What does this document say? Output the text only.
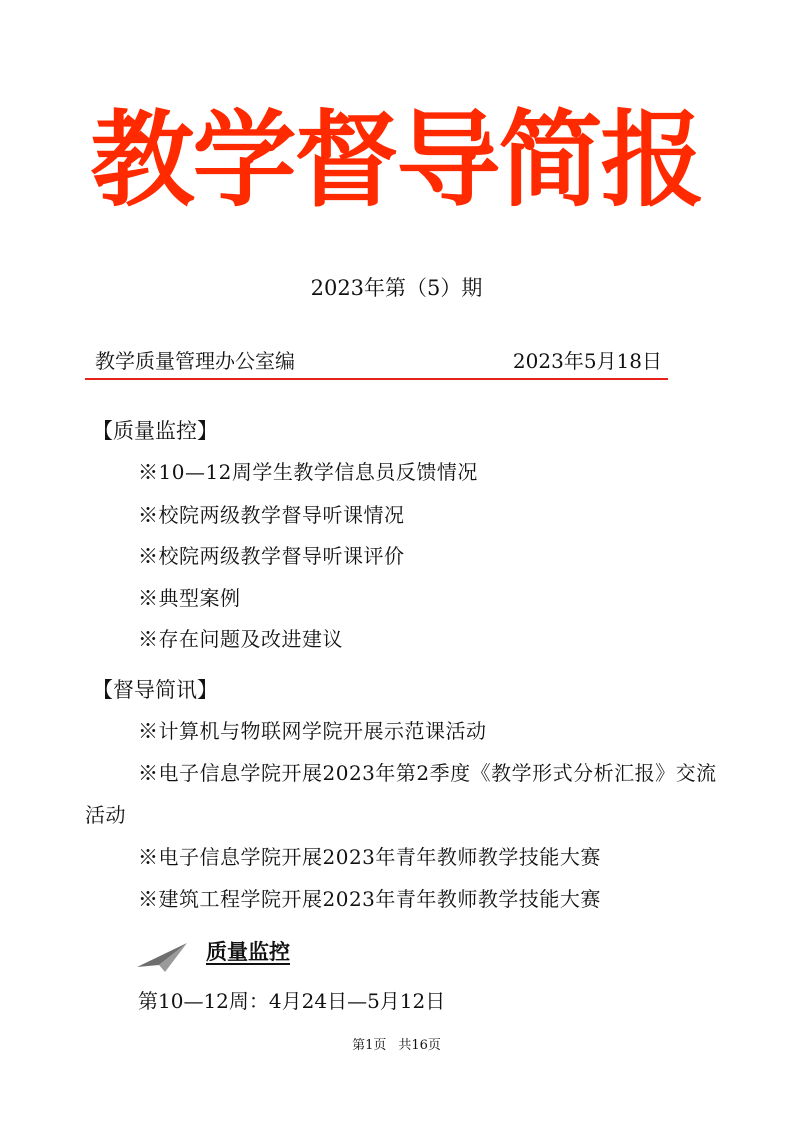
教学督导简报
2023年第（5）期
教学质量管理办公室编	2023年5月18日
【质量监控】
※10—12周学生教学信息员反馈情况
※校院两级教学督导听课情况
※校院两级教学督导听课评价
※典型案例
※存在问题及改进建议
【督导简讯】
※计算机与物联网学院开展示范课活动
※电子信息学院开展2023年第2季度《教学形式分析汇报》交流活动
※电子信息学院开展2023年青年教师教学技能大赛
※建筑工程学院开展2023年青年教师教学技能大赛
质量监控
第10—12周：4月24日—5月12日
第1页 共16页
